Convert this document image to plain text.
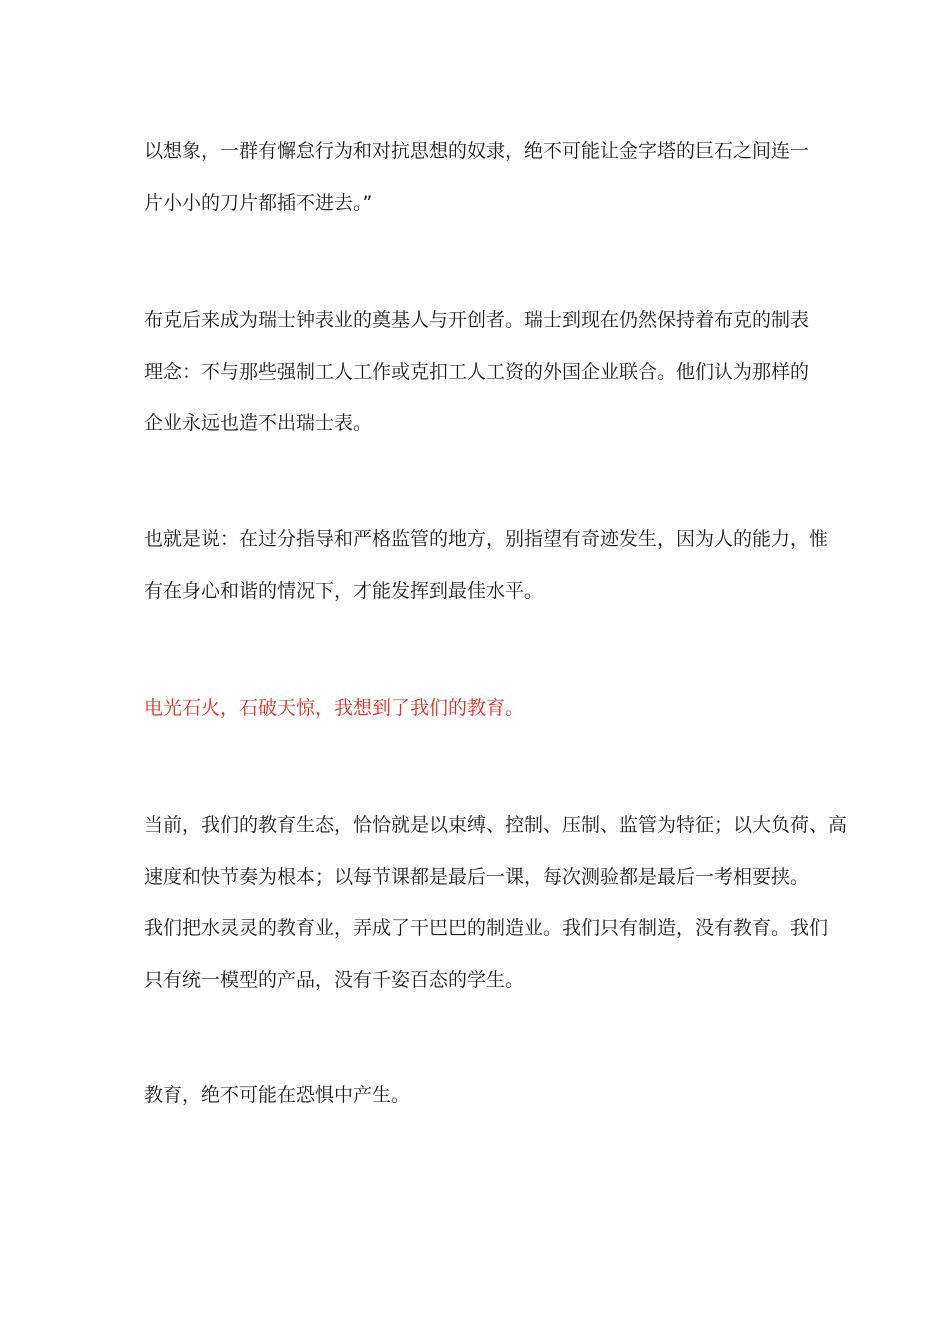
以想象，一群有懈怠行为和对抗思想的奴隶，绝不可能让金字塔的巨石之间连一
片小小的刀片都插不进去。”

布克后来成为瑞士钟表业的奠基人与开创者。瑞士到现在仍然保持着布克的制表
理念：不与那些强制工人工作或克扣工人工资的外国企业联合。他们认为那样的
企业永远也造不出瑞士表。

也就是说：在过分指导和严格监管的地方，别指望有奇迹发生，因为人的能力，惟
有在身心和谐的情况下，才能发挥到最佳水平。

电光石火，石破天惊，我想到了我们的教育。

当前，我们的教育生态，恰恰就是以束缚、控制、压制、监管为特征；以大负荷、高
速度和快节奏为根本；以每节课都是最后一课，每次测验都是最后一考相要挟。
我们把水灵灵的教育业，弄成了干巴巴的制造业。我们只有制造，没有教育。我们
只有统一模型的产品，没有千姿百态的学生。

教育，绝不可能在恐惧中产生。
